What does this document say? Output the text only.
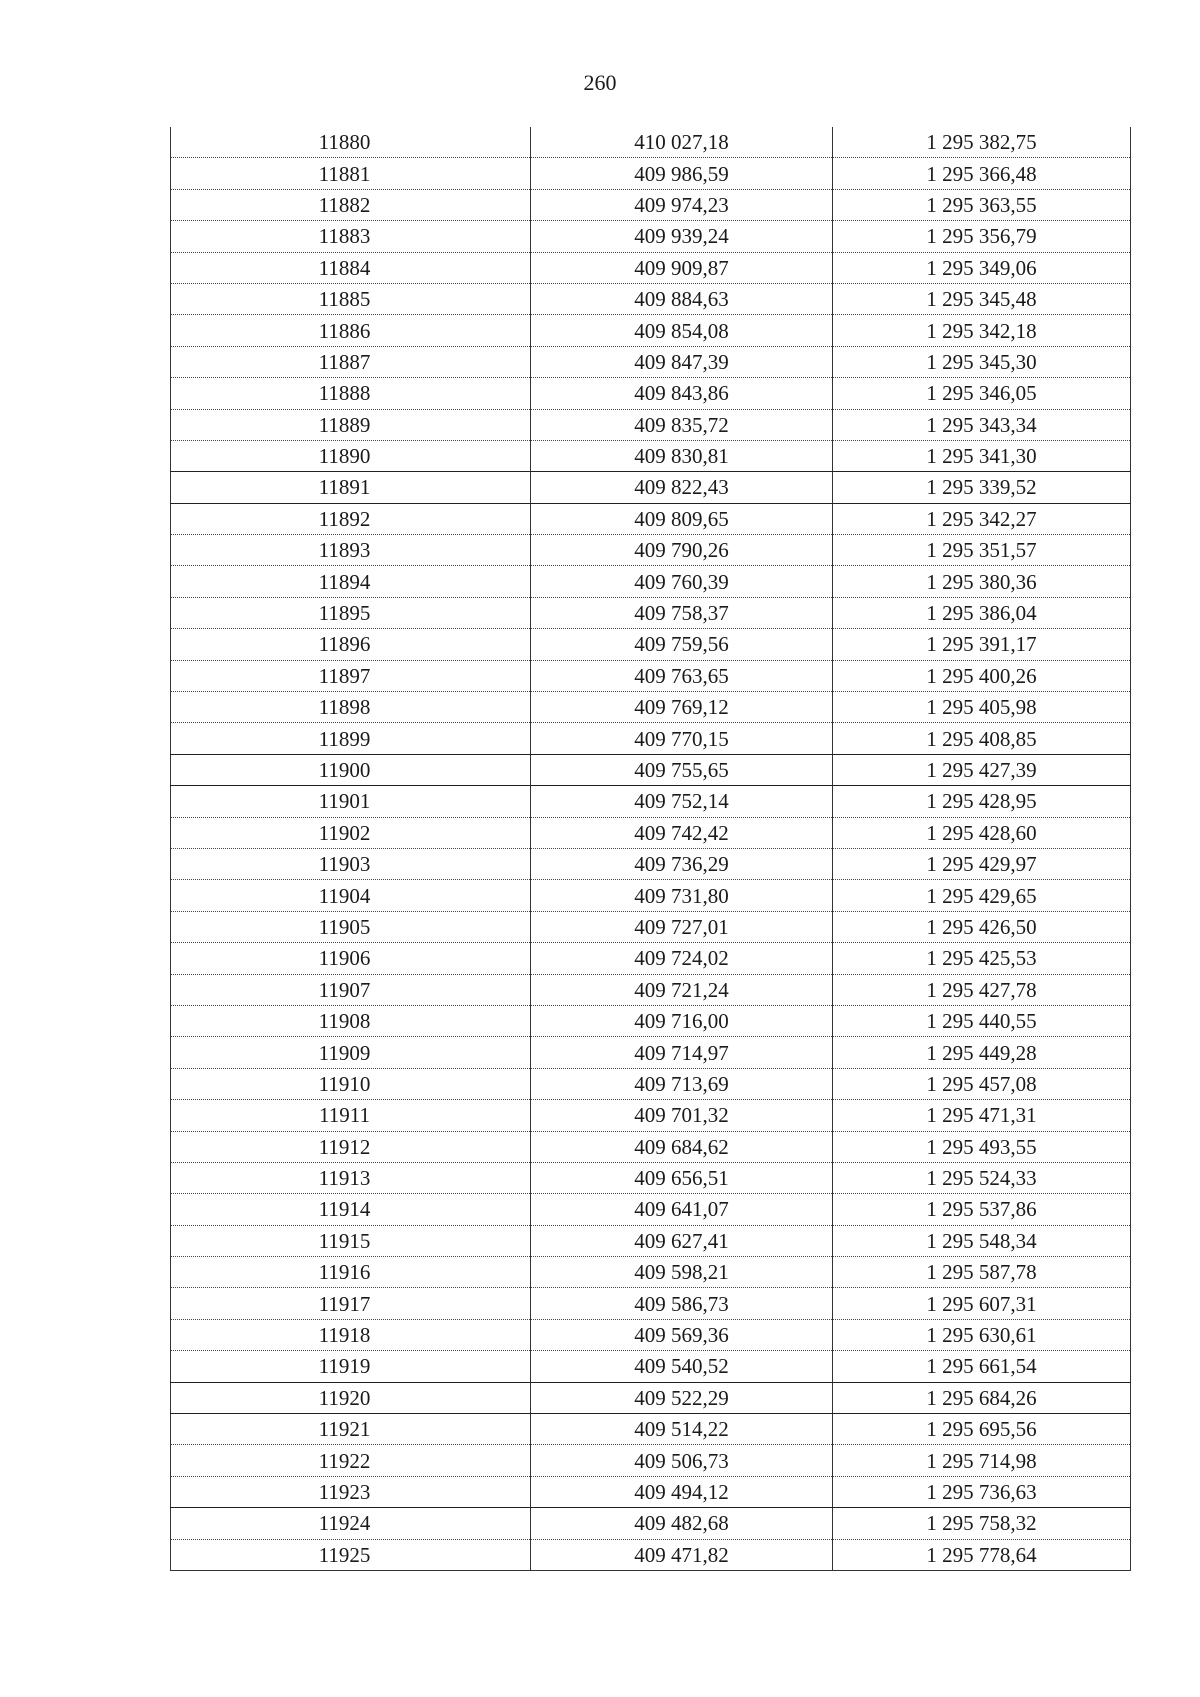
260
11880	410 027,18	1 295 382,75
11881	409 986,59	1 295 366,48
11882	409 974,23	1 295 363,55
11883	409 939,24	1 295 356,79
11884	409 909,87	1 295 349,06
11885	409 884,63	1 295 345,48
11886	409 854,08	1 295 342,18
11887	409 847,39	1 295 345,30
11888	409 843,86	1 295 346,05
11889	409 835,72	1 295 343,34
11890	409 830,81	1 295 341,30
11891	409 822,43	1 295 339,52
11892	409 809,65	1 295 342,27
11893	409 790,26	1 295 351,57
11894	409 760,39	1 295 380,36
11895	409 758,37	1 295 386,04
11896	409 759,56	1 295 391,17
11897	409 763,65	1 295 400,26
11898	409 769,12	1 295 405,98
11899	409 770,15	1 295 408,85
11900	409 755,65	1 295 427,39
11901	409 752,14	1 295 428,95
11902	409 742,42	1 295 428,60
11903	409 736,29	1 295 429,97
11904	409 731,80	1 295 429,65
11905	409 727,01	1 295 426,50
11906	409 724,02	1 295 425,53
11907	409 721,24	1 295 427,78
11908	409 716,00	1 295 440,55
11909	409 714,97	1 295 449,28
11910	409 713,69	1 295 457,08
11911	409 701,32	1 295 471,31
11912	409 684,62	1 295 493,55
11913	409 656,51	1 295 524,33
11914	409 641,07	1 295 537,86
11915	409 627,41	1 295 548,34
11916	409 598,21	1 295 587,78
11917	409 586,73	1 295 607,31
11918	409 569,36	1 295 630,61
11919	409 540,52	1 295 661,54
11920	409 522,29	1 295 684,26
11921	409 514,22	1 295 695,56
11922	409 506,73	1 295 714,98
11923	409 494,12	1 295 736,63
11924	409 482,68	1 295 758,32
11925	409 471,82	1 295 778,64
